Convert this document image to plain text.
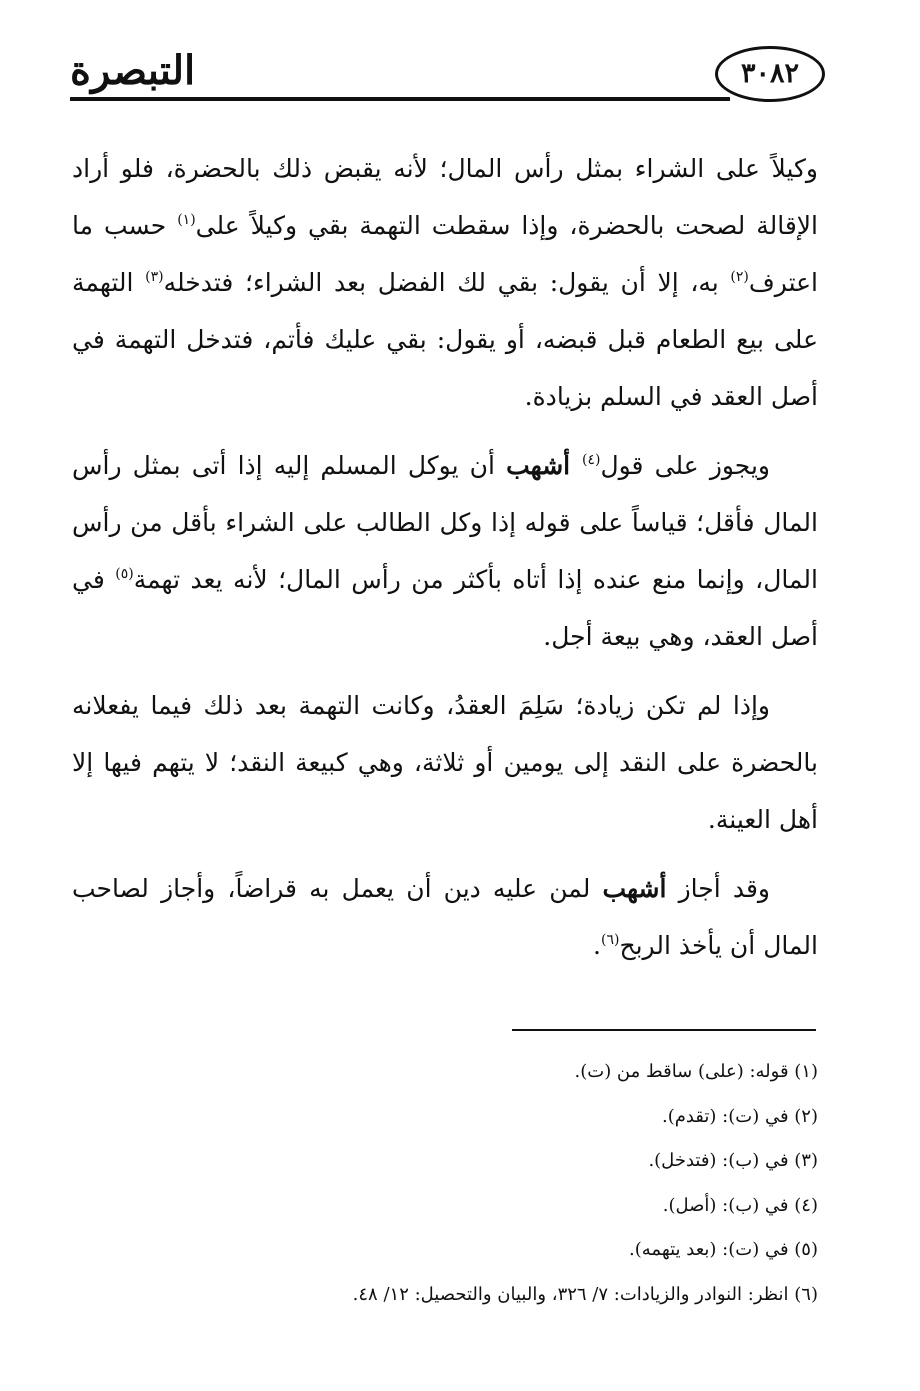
التبصرة	٣٠٨٢

وكيلاً على الشراء بمثل رأس المال؛ لأنه يقبض ذلك بالحضرة، فلو أراد الإقالة لصحت بالحضرة، وإذا سقطت التهمة بقي وكيلاً على$^{(١)}$ حسب ما اعترف$^{(٢)}$ به، إلا أن يقول: بقي لك الفضل بعد الشراء؛ فتدخله$^{(٣)}$ التهمة على بيع الطعام قبل قبضه، أو يقول: بقي عليك فأتم، فتدخل التهمة في أصل العقد في السلم بزيادة.

ويجوز على قول$^{(٤)}$ أشهب أن يوكل المسلم إليه إذا أتى بمثل رأس المال فأقل؛ قياساً على قوله إذا وكل الطالب على الشراء بأقل من رأس المال، وإنما منع عنده إذا أتاه بأكثر من رأس المال؛ لأنه يعد تهمة$^{(٥)}$ في أصل العقد، وهي بيعة أجل.

وإذا لم تكن زيادة؛ سَلِمَ العقدُ، وكانت التهمة بعد ذلك فيما يفعلانه بالحضرة على النقد إلى يومين أو ثلاثة، وهي كبيعة النقد؛ لا يتهم فيها إلا أهل العينة.

وقد أجاز أشهب لمن عليه دين أن يعمل به قراضاً، وأجاز لصاحب المال أن يأخذ الربح$^{(٦)}$.

(١) قوله: (على) ساقط من (ت).
(٢) في (ت): (تقدم).
(٣) في (ب): (فتدخل).
(٤) في (ب): (أصل).
(٥) في (ت): (بعد يتهمه).
(٦) انظر: النوادر والزيادات: ٧/ ٣٢٦، والبيان والتحصيل: ١٢/ ٤٨.
